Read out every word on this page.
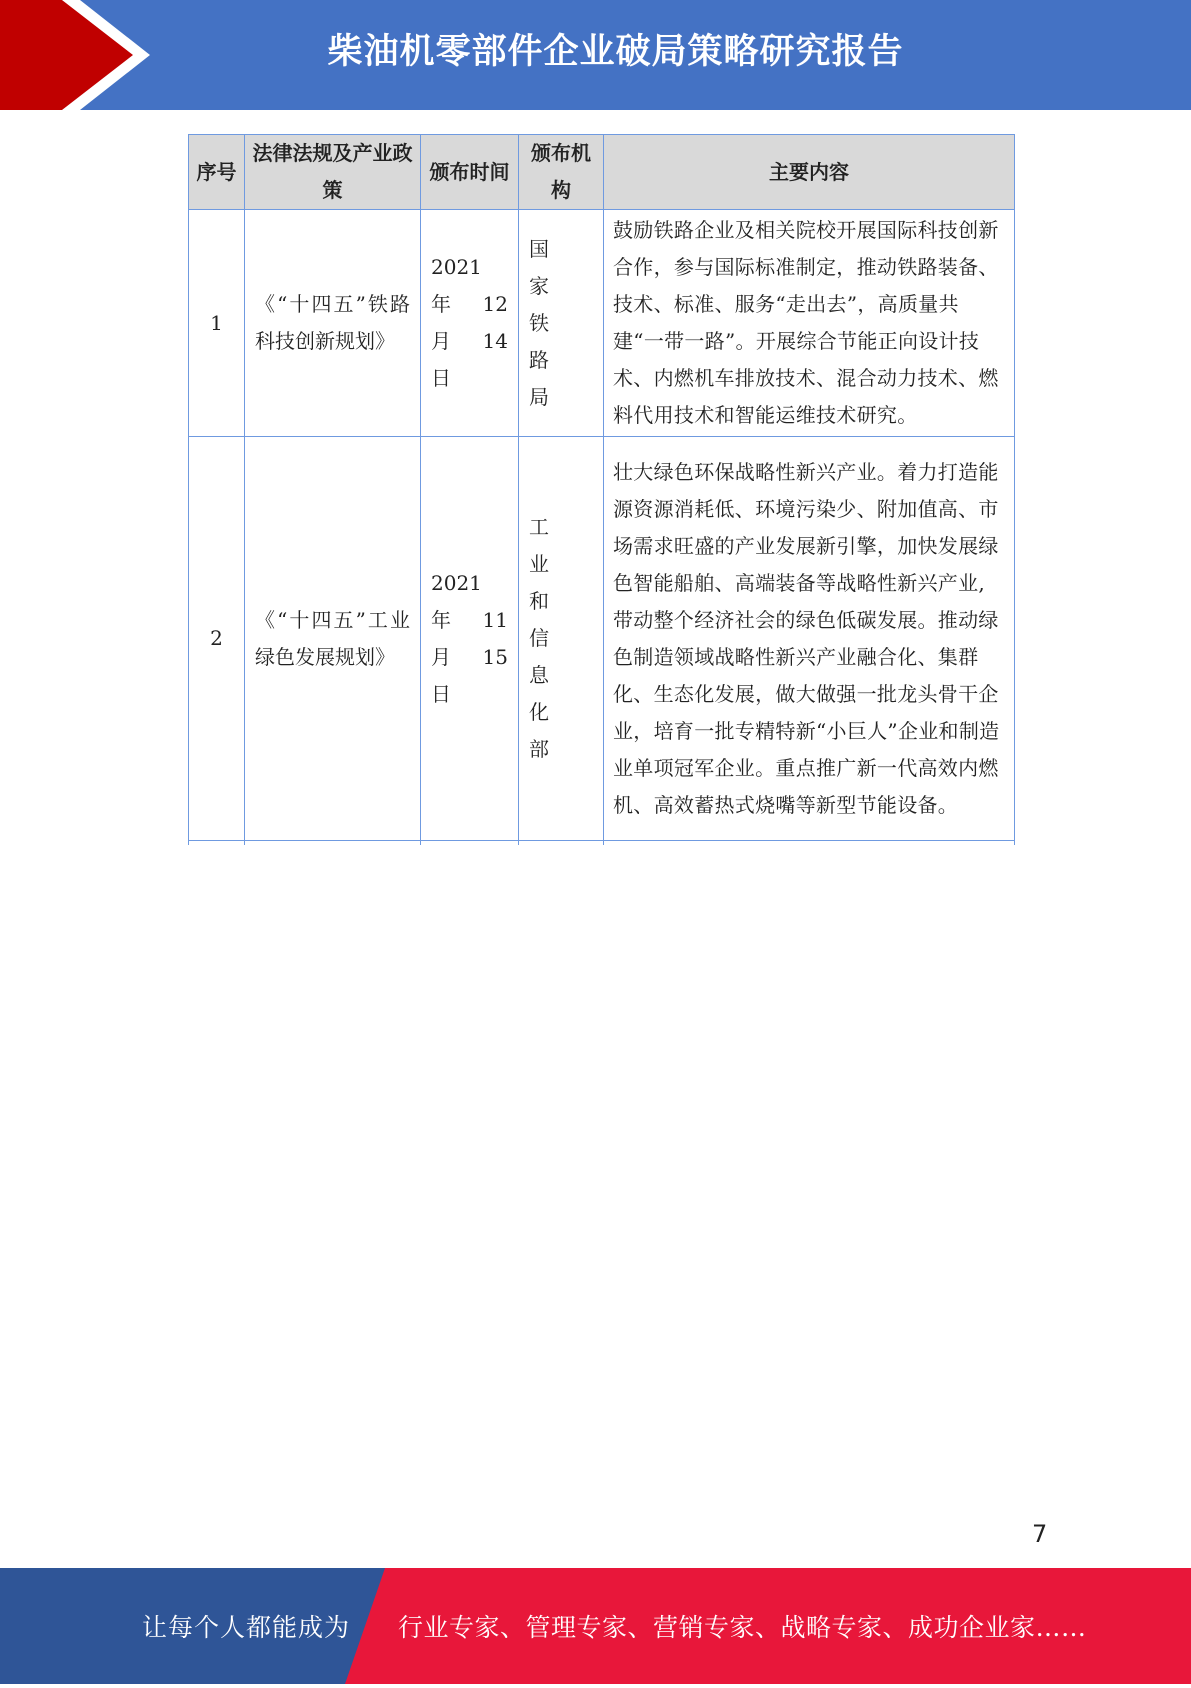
柴油机零部件企业破局策略研究报告
序号	法律法规及产业政策	颁布时间	颁布机构	主要内容
1	《“十四五”铁路科技创新规划》	2021 年 12 月 14 日	国家铁路局	鼓励铁路企业及相关院校开展国际科技创新合作，参与国际标准制定，推动铁路装备、技术、标准、服务“走出去”，高质量共建“一带一路”。开展综合节能正向设计技术、内燃机车排放技术、混合动力技术、燃料代用技术和智能运维技术研究。
2	《“十四五”工业绿色发展规划》	2021 年 11 月 15 日	工业和信息化部	壮大绿色环保战略性新兴产业。着力打造能源资源消耗低、环境污染少、附加值高、市场需求旺盛的产业发展新引擎，加快发展绿色智能船舶、高端装备等战略性新兴产业,带动整个经济社会的绿色低碳发展。推动绿色制造领域战略性新兴产业融合化、集群化、生态化发展，做大做强一批龙头骨干企业，培育一批专精特新“小巨人”企业和制造业单项冠军企业。重点推广新一代高效内燃机、高效蓄热式烧嘴等新型节能设备。

7
让每个人都能成为 行业专家、管理专家、营销专家、战略专家、成功企业家……
